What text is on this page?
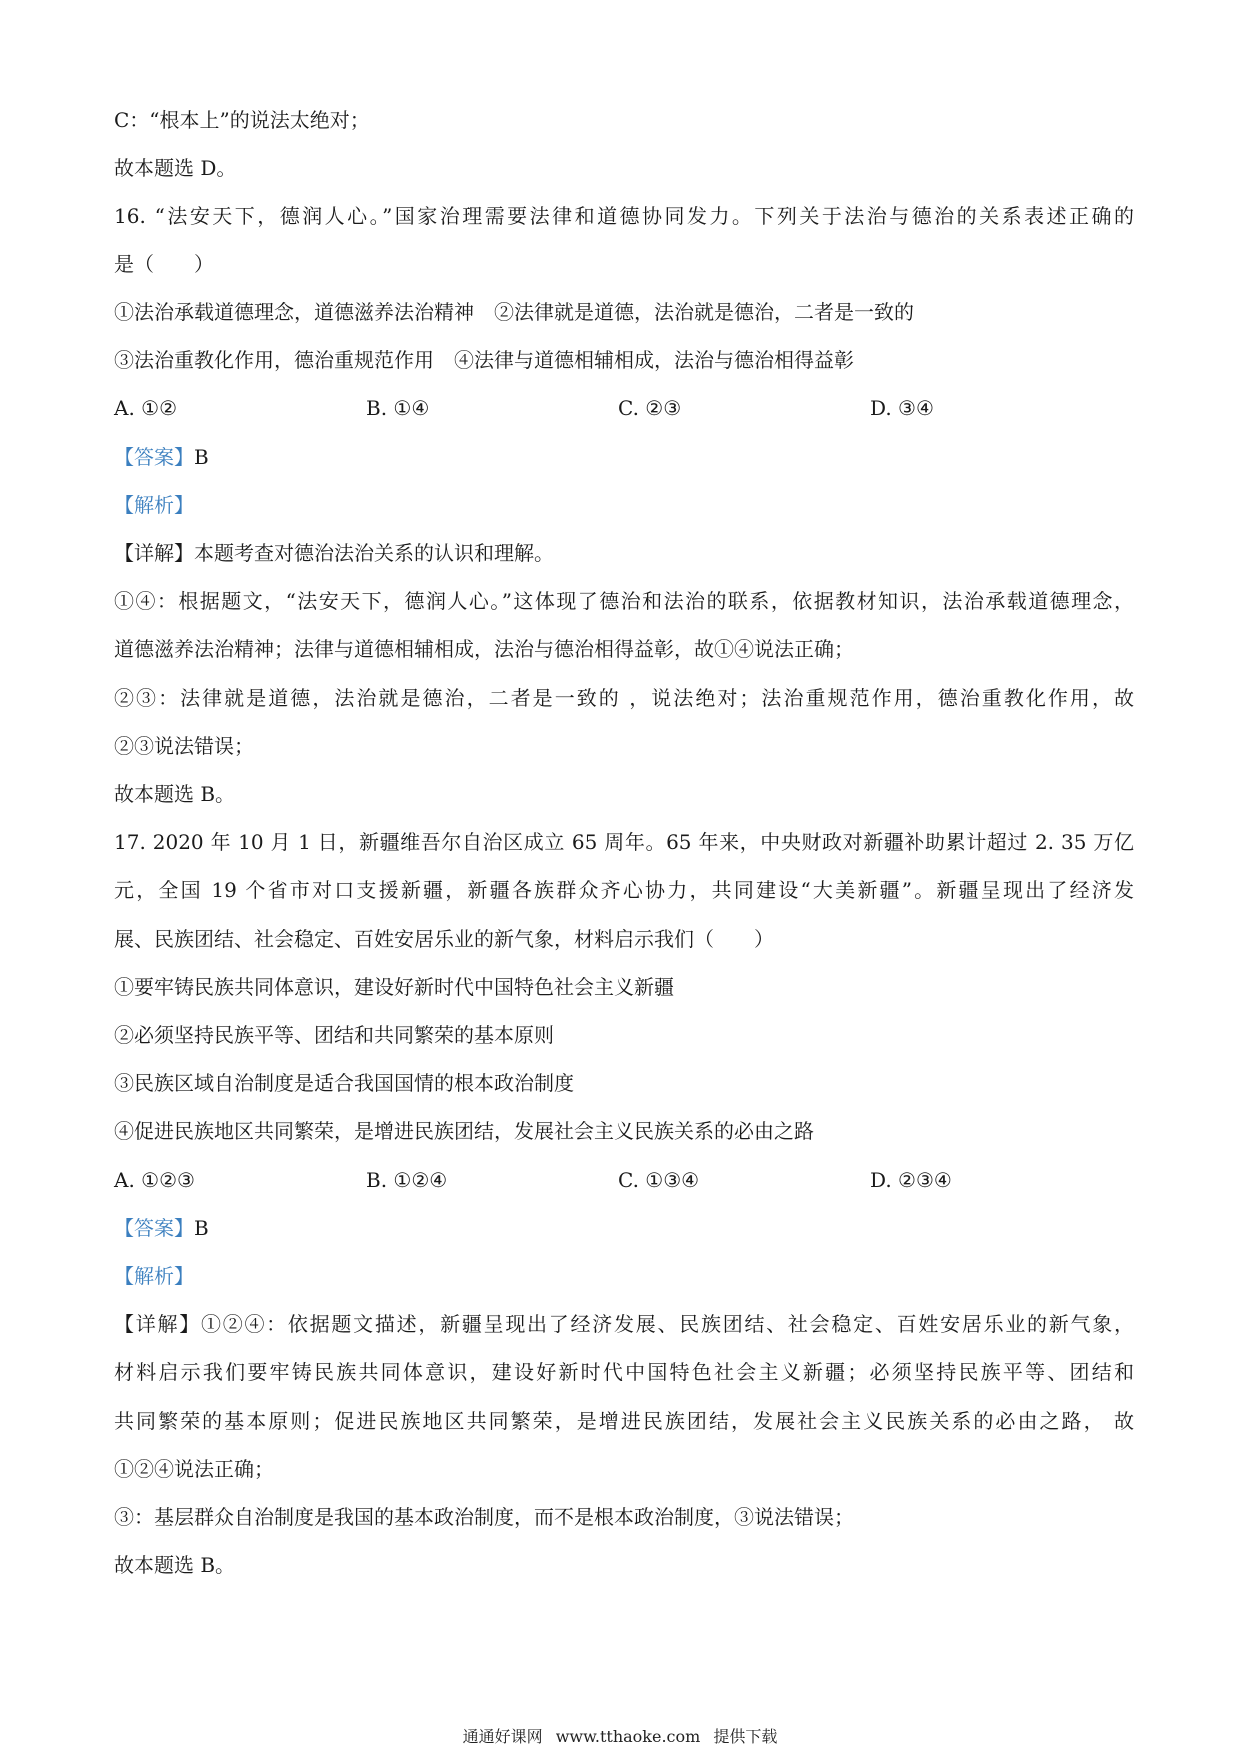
C：“根本上”的说法太绝对；
故本题选 D。
16. “法安天下，德润人心。”国家治理需要法律和道德协同发力。下列关于法治与德治的关系表述正确的
是（　　）
①法治承载道德理念，道德滋养法治精神　②法律就是道德，法治就是德治，二者是一致的
③法治重教化作用，德治重规范作用　④法律与道德相辅相成，法治与德治相得益彰
A. ①②	B. ①④	C. ②③	D. ③④
【答案】B
【解析】
【详解】本题考查对德治法治关系的认识和理解。
①④：根据题文，“法安天下，德润人心。”这体现了德治和法治的联系，依据教材知识，法治承载道德理念，
道德滋养法治精神；法律与道德相辅相成，法治与德治相得益彰，故①④说法正确；
②③：法律就是道德，法治就是德治，二者是一致的 ，说法绝对；法治重规范作用，德治重教化作用，故
②③说法错误；
故本题选 B。
17. 2020 年 10 月 1 日，新疆维吾尔自治区成立 65 周年。65 年来，中央财政对新疆补助累计超过 2. 35 万亿
元，全国 19 个省市对口支援新疆，新疆各族群众齐心协力，共同建设“大美新疆”。新疆呈现出了经济发
展、民族团结、社会稳定、百姓安居乐业的新气象，材料启示我们（　　）
①要牢铸民族共同体意识，建设好新时代中国特色社会主义新疆
②必须坚持民族平等、团结和共同繁荣的基本原则
③民族区域自治制度是适合我国国情的根本政治制度
④促进民族地区共同繁荣，是增进民族团结，发展社会主义民族关系的必由之路
A. ①②③	B. ①②④	C. ①③④	D. ②③④
【答案】B
【解析】
【详解】①②④：依据题文描述，新疆呈现出了经济发展、民族团结、社会稳定、百姓安居乐业的新气象，
材料启示我们要牢铸民族共同体意识，建设好新时代中国特色社会主义新疆；必须坚持民族平等、团结和
共同繁荣的基本原则；促进民族地区共同繁荣，是增进民族团结，发展社会主义民族关系的必由之路， 故
①②④说法正确；
③：基层群众自治制度是我国的基本政治制度，而不是根本政治制度，③说法错误；
故本题选 B。
通通好课网 www.tthaoke.com 提供下载
